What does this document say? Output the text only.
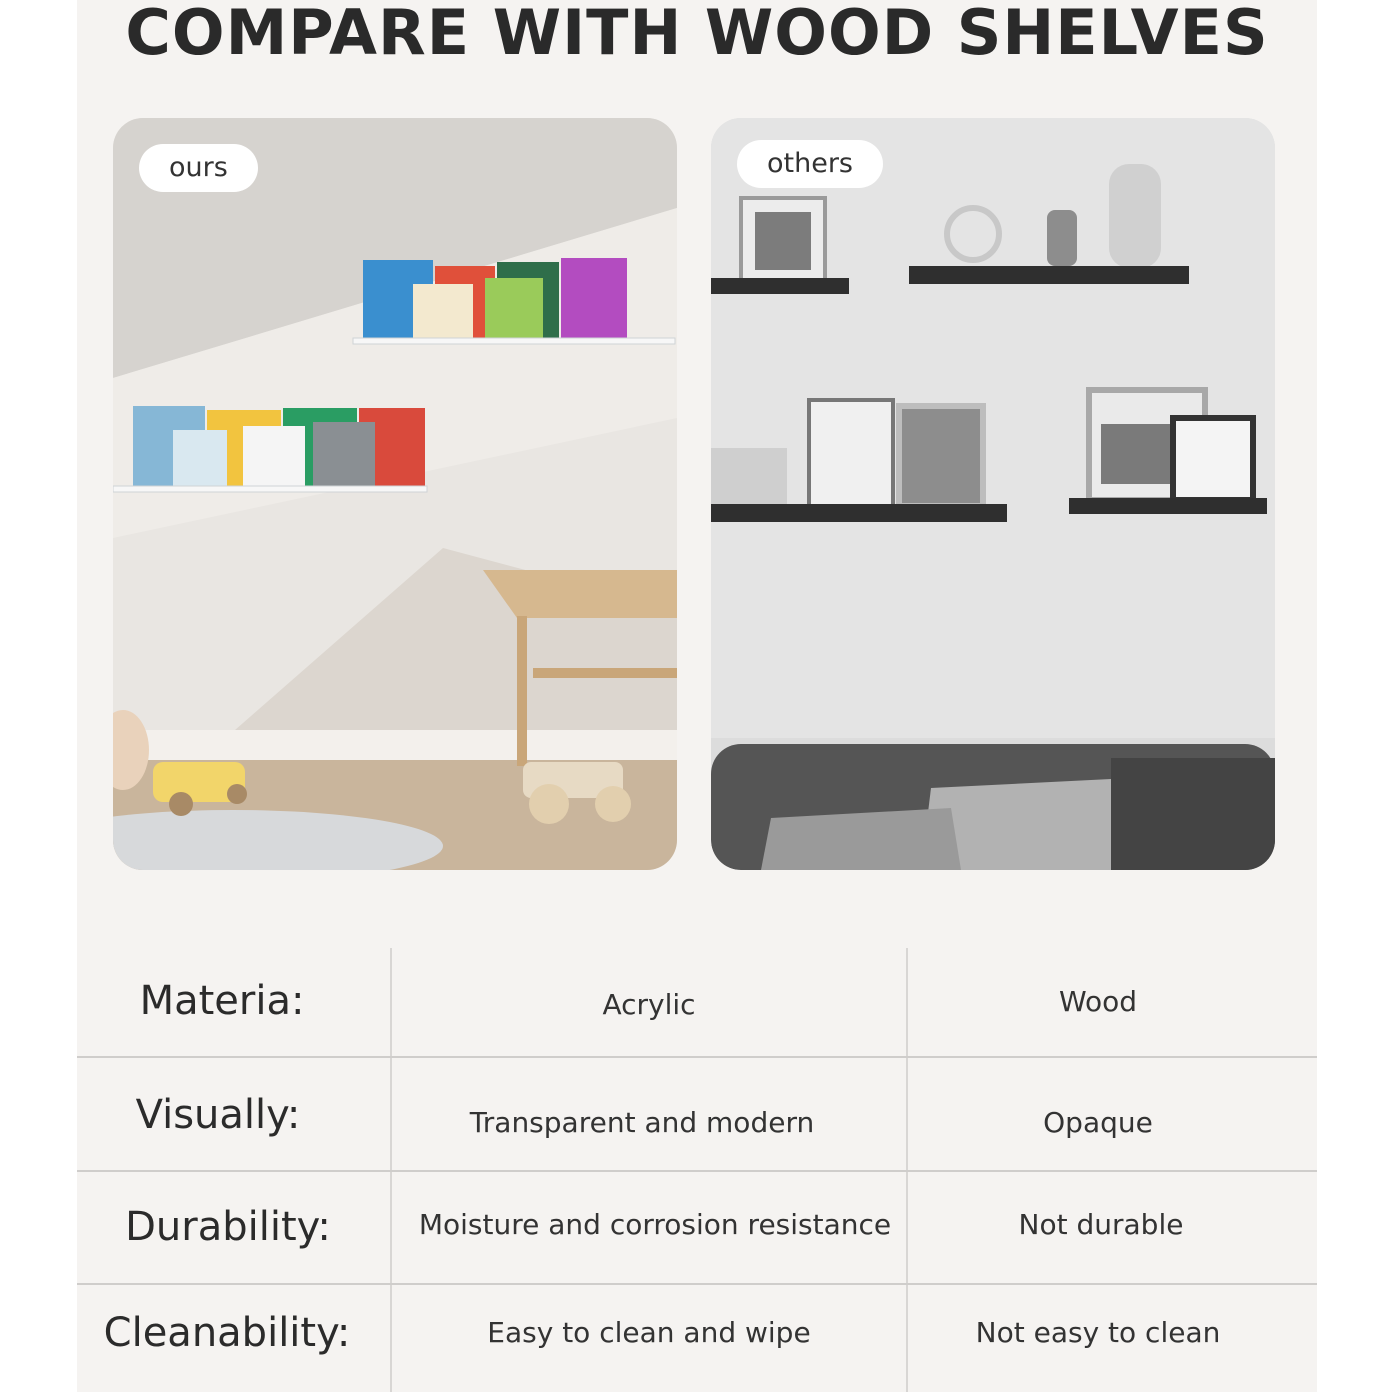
COMPARE WITH WOOD SHELVES
ours	others
Materia:	Acrylic	Wood
Visually:	Transparent and modern	Opaque
Durability:	Moisture and corrosion resistance	Not durable
Cleanability:	Easy to clean and wipe	Not easy to clean
